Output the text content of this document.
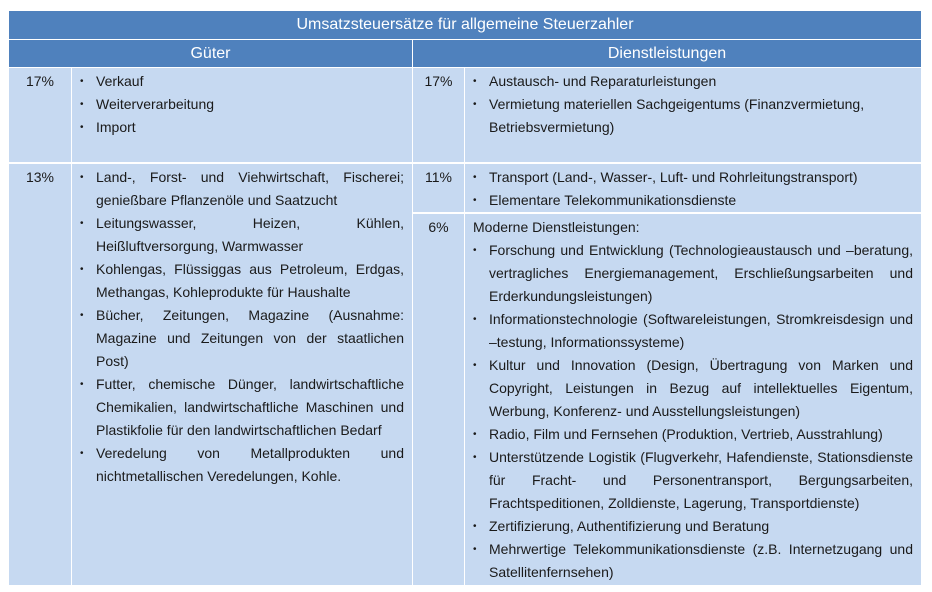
Umsatzsteuersätze für allgemeine Steuerzahler
Güter	Dienstleistungen
17%	• Verkauf
• Weiterverarbeitung
• Import
17%	• Austausch- und Reparaturleistungen
• Vermietung materiellen Sachgeigentums (Finanzvermietung, Betriebsvermietung)
13%	• Land-, Forst- und Viehwirtschaft, Fischerei; genießbare Pflanzenöle und Saatzucht
• Leitungswasser, Heizen, Kühlen, Heißluftversorgung, Warmwasser
• Kohlengas, Flüssiggas aus Petroleum, Erdgas, Methangas, Kohleprodukte für Haushalte
• Bücher, Zeitungen, Magazine (Ausnahme: Magazine und Zeitungen von der staatlichen Post)
• Futter, chemische Dünger, landwirtschaftliche Chemikalien, landwirtschaftliche Maschinen und Plastikfolie für den landwirtschaftlichen Bedarf
• Veredelung von Metallprodukten und nichtmetallischen Veredelungen, Kohle.
11%	• Transport (Land-, Wasser-, Luft- und Rohrleitungstransport)
• Elementare Telekommunikationsdienste
6%	Moderne Dienstleistungen:
• Forschung und Entwicklung (Technologieaustausch und –beratung, vertragliches Energiemanagement, Erschließungsarbeiten und Erderkundungsleistungen)
• Informationstechnologie (Softwareleistungen, Stromkreisdesign und –testung, Informationssysteme)
• Kultur und Innovation (Design, Übertragung von Marken und Copyright, Leistungen in Bezug auf intellektuelles Eigentum, Werbung, Konferenz- und Ausstellungsleistungen)
• Radio, Film und Fernsehen (Produktion, Vertrieb, Ausstrahlung)
• Unterstützende Logistik (Flugverkehr, Hafendienste, Stationsdienste für Fracht- und Personentransport, Bergungsarbeiten, Frachtspeditionen, Zolldienste, Lagerung, Transportdienste)
• Zertifizierung, Authentifizierung und Beratung
• Mehrwertige Telekommunikationsdienste (z.B. Internetzugang und Satellitenfernsehen)
